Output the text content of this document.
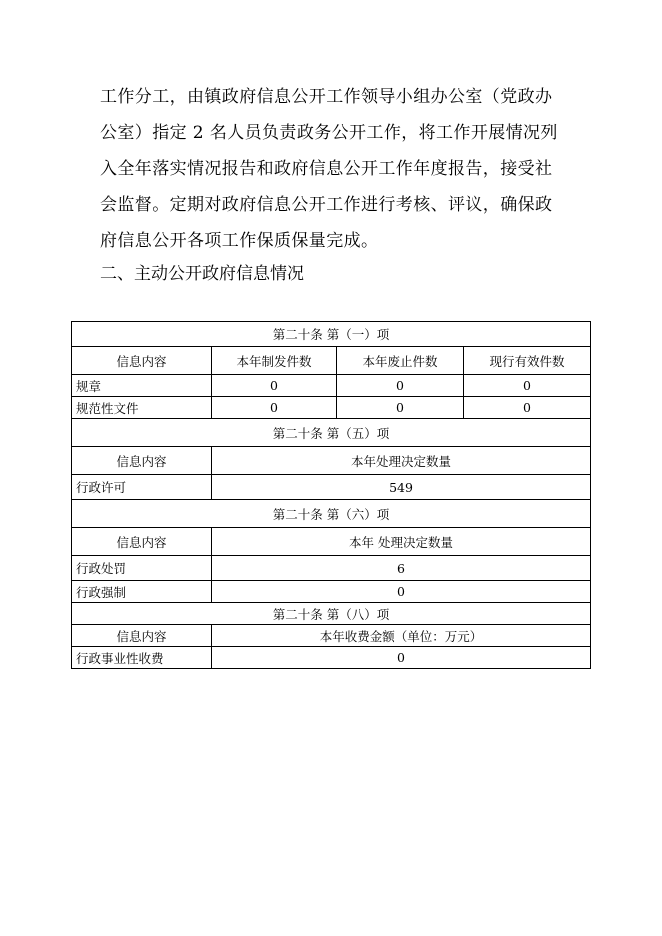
工作分工，由镇政府信息公开工作领导小组办公室（党政办
公室）指定 2 名人员负责政务公开工作，将工作开展情况列
入全年落实情况报告和政府信息公开工作年度报告，接受社
会监督。定期对政府信息公开工作进行考核、评议，确保政
府信息公开各项工作保质保量完成。
二、主动公开政府信息情况
第二十条 第（一）项			
信息内容	本年制发件数	本年废止件数	现行有效件数
规章	0	0	0
规范性文件	0	0	0
第二十条 第（五）项			
信息内容	本年处理决定数量		
行政许可	549		
第二十条 第（六）项			
信息内容	本年 处理决定数量		
行政处罚	6		
行政强制	0		
第二十条 第（八）项			
信息内容	本年收费金额（单位：万元）		
行政事业性收费	0		
